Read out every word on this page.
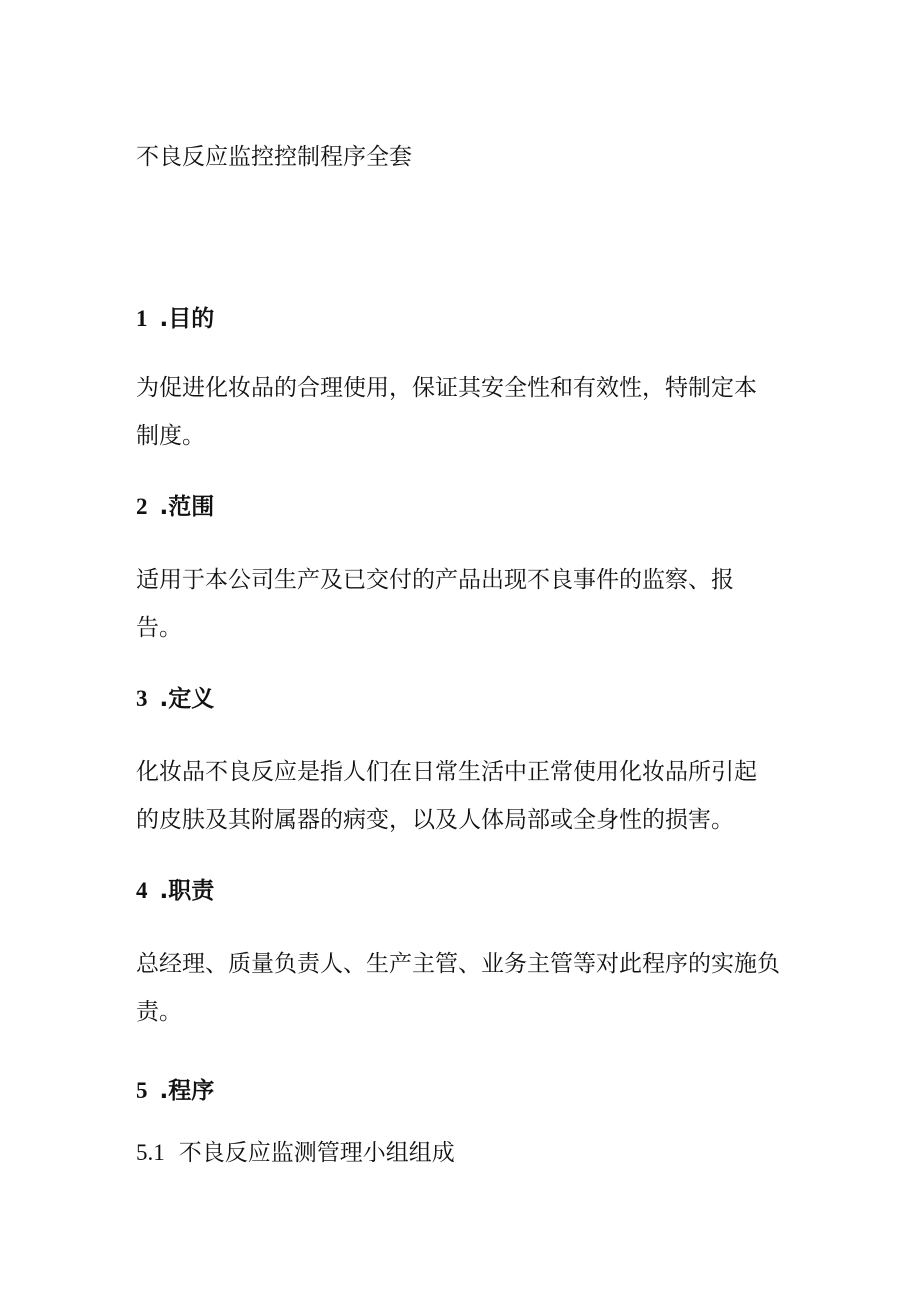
不良反应监控控制程序全套
1 .目的
为促进化妆品的合理使用，保证其安全性和有效性，特制定本
制度。
2 .范围
适用于本公司生产及已交付的产品出现不良事件的监察、报
告。
3 .定义
化妆品不良反应是指人们在日常生活中正常使用化妆品所引起
的皮肤及其附属器的病变，以及人体局部或全身性的损害。
4 .职责
总经理、质量负责人、生产主管、业务主管等对此程序的实施负
责。
5 .程序
5.1 不良反应监测管理小组组成
